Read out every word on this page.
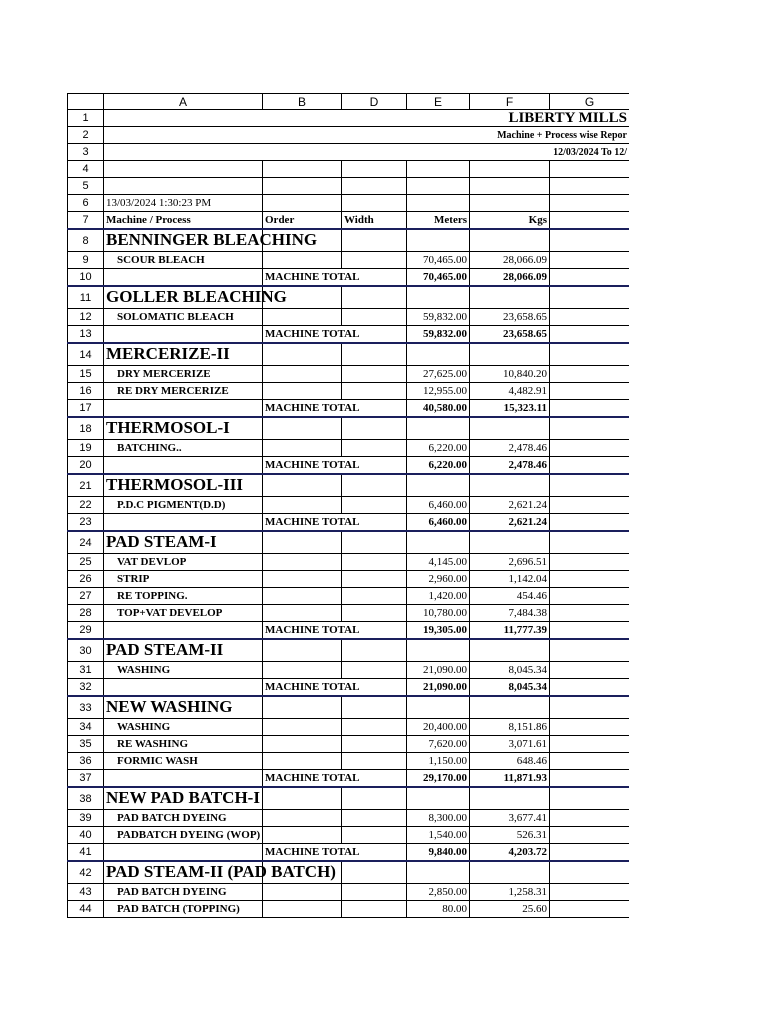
	A	B	D	E	F	G
1	LIBERTY MILLS					
2	Machine + Process wise Repor					
3	12/03/2024 To 12/					
4						
5						
6	13/03/2024 1:30:23 PM					
7	Machine / Process	Order	Width	Meters	Kgs	
8	BENNINGER BLEACHING					

9	SCOUR BLEACH			70,465.00	28,066.09	
10		MACHINE TOTAL		70,465.00	28,066.09	
11	GOLLER BLEACHING					

12	SOLOMATIC BLEACH			59,832.00	23,658.65	
13		MACHINE TOTAL		59,832.00	23,658.65	
14	MERCERIZE-II					

15	DRY MERCERIZE			27,625.00	10,840.20	
16	RE DRY MERCERIZE			12,955.00	4,482.91	
17		MACHINE TOTAL		40,580.00	15,323.11	
18	THERMOSOL-I					

19	BATCHING..			6,220.00	2,478.46	
20		MACHINE TOTAL		6,220.00	2,478.46	
21	THERMOSOL-III					

22	P.D.C PIGMENT(D.D)			6,460.00	2,621.24	
23		MACHINE TOTAL		6,460.00	2,621.24	
24	PAD STEAM-I					

25	VAT DEVLOP			4,145.00	2,696.51	
26	STRIP			2,960.00	1,142.04	
27	RE TOPPING.			1,420.00	454.46	
28	TOP+VAT DEVELOP			10,780.00	7,484.38	
29		MACHINE TOTAL		19,305.00	11,777.39	
30	PAD STEAM-II					

31	WASHING			21,090.00	8,045.34	
32		MACHINE TOTAL		21,090.00	8,045.34	
33	NEW WASHING					

34	WASHING			20,400.00	8,151.86	
35	RE WASHING			7,620.00	3,071.61	
36	FORMIC WASH			1,150.00	648.46	
37		MACHINE TOTAL		29,170.00	11,871.93	
38	NEW PAD BATCH-I					

39	PAD BATCH DYEING			8,300.00	3,677.41	
40	PADBATCH DYEING (WOP)			1,540.00	526.31	
41		MACHINE TOTAL		9,840.00	4,203.72	
42	PAD STEAM-II (PAD BATCH)					

43	PAD BATCH DYEING			2,850.00	1,258.31	
44	PAD BATCH (TOPPING)			80.00	25.60	
